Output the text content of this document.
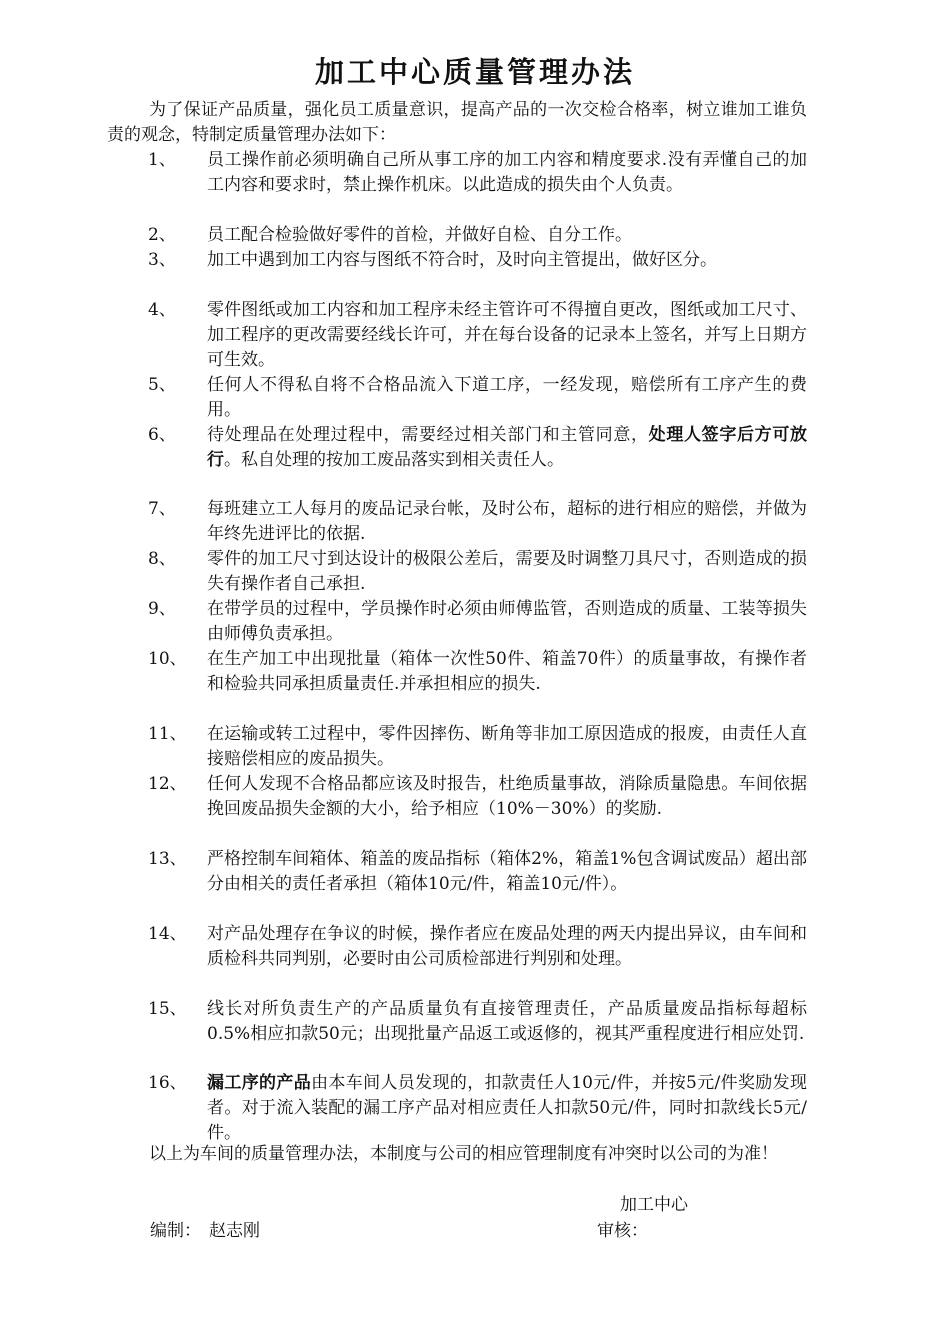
加工中心质量管理办法
为了保证产品质量，强化员工质量意识，提高产品的一次交检合格率，树立谁加工谁负责的观念，特制定质量管理办法如下：
1、 员工操作前必须明确自己所从事工序的加工内容和精度要求.没有弄懂自己的加工内容和要求时，禁止操作机床。以此造成的损失由个人负责。
2、 员工配合检验做好零件的首检，并做好自检、自分工作。
3、 加工中遇到加工内容与图纸不符合时，及时向主管提出，做好区分。
4、 零件图纸或加工内容和加工程序未经主管许可不得擅自更改，图纸或加工尺寸、加工程序的更改需要经线长许可，并在每台设备的记录本上签名，并写上日期方可生效。
5、 任何人不得私自将不合格品流入下道工序，一经发现，赔偿所有工序产生的费用。
6、 待处理品在处理过程中，需要经过相关部门和主管同意，处理人签字后方可放行。私自处理的按加工废品落实到相关责任人。
7、 每班建立工人每月的废品记录台帐，及时公布，超标的进行相应的赔偿，并做为年终先进评比的依据.
8、 零件的加工尺寸到达设计的极限公差后，需要及时调整刀具尺寸，否则造成的损失有操作者自己承担.
9、 在带学员的过程中，学员操作时必须由师傅监管，否则造成的质量、工装等损失由师傅负责承担。
10、 在生产加工中出现批量（箱体一次性50件、箱盖70件）的质量事故，有操作者和检验共同承担质量责任.并承担相应的损失.
11、 在运输或转工过程中，零件因摔伤、断角等非加工原因造成的报废，由责任人直接赔偿相应的废品损失。
12、 任何人发现不合格品都应该及时报告，杜绝质量事故，消除质量隐患。车间依据挽回废品损失金额的大小，给予相应（10%－30%）的奖励.
13、 严格控制车间箱体、箱盖的废品指标（箱体2%，箱盖1%包含调试废品）超出部分由相关的责任者承担（箱体10元/件，箱盖10元/件）。
14、 对产品处理存在争议的时候，操作者应在废品处理的两天内提出异议，由车间和质检科共同判别，必要时由公司质检部进行判别和处理。
15、 线长对所负责生产的产品质量负有直接管理责任，产品质量废品指标每超标0.5%相应扣款50元；出现批量产品返工或返修的，视其严重程度进行相应处罚.
16、 漏工序的产品由本车间人员发现的，扣款责任人10元/件，并按5元/件奖励发现者。对于流入装配的漏工序产品对相应责任人扣款50元/件，同时扣款线长5元/件。
以上为车间的质量管理办法，本制度与公司的相应管理制度有冲突时以公司的为准！
加工中心
编制： 赵志刚	审核：
